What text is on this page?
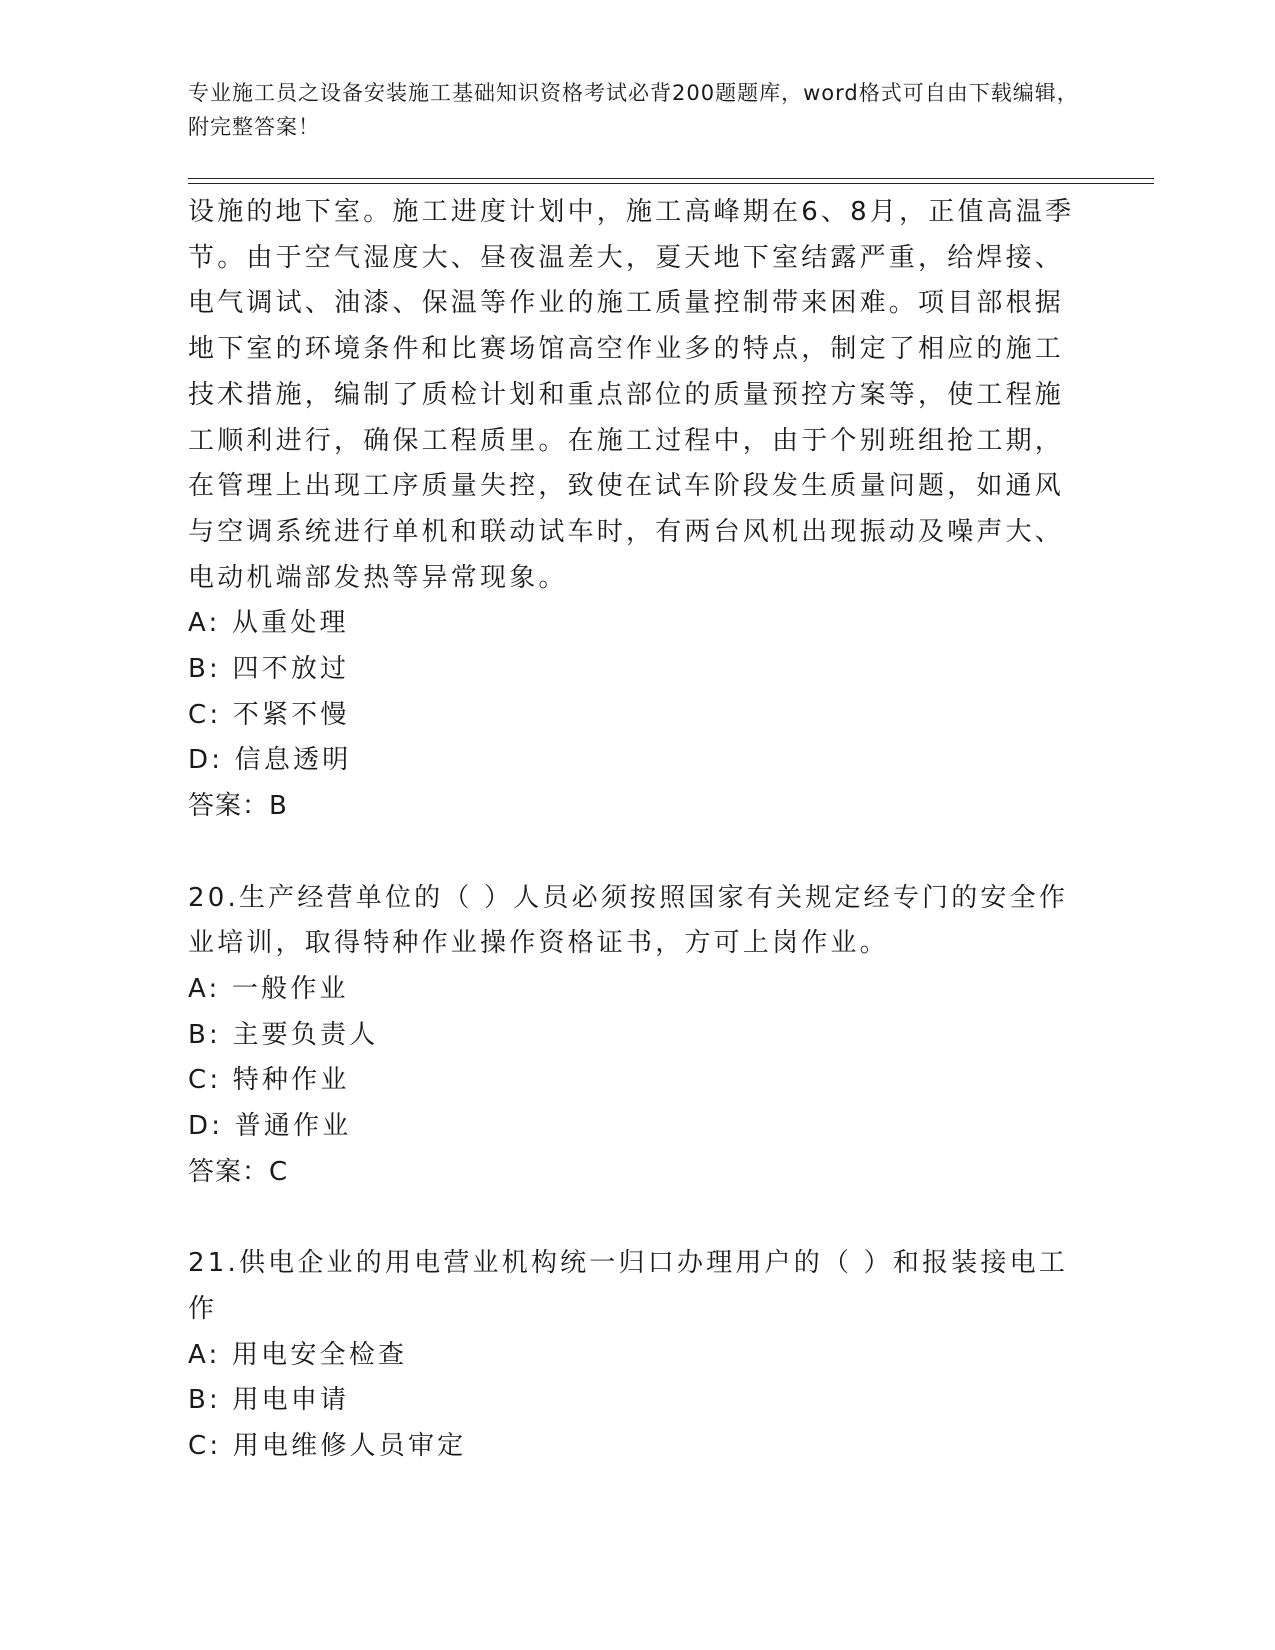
专业施工员之设备安装施工基础知识资格考试必背200题题库，word格式可自由下载编辑，附完整答案！

设施的地下室。施工进度计划中，施工高峰期在6、8月，正值高温季节。由于空气湿度大、昼夜温差大，夏天地下室结露严重，给焊接、电气调试、油漆、保温等作业的施工质量控制带来困难。项目部根据地下室的环境条件和比赛场馆高空作业多的特点，制定了相应的施工技术措施，编制了质检计划和重点部位的质量预控方案等，使工程施工顺利进行，确保工程质里。在施工过程中，由于个别班组抢工期，在管理上出现工序质量失控，致使在试车阶段发生质量问题，如通风与空调系统进行单机和联动试车时，有两台风机出现振动及噪声大、电动机端部发热等异常现象。

A: 从重处理

B: 四不放过

C: 不紧不慢

D: 信息透明

答案：B

20.生产经营单位的（ ）人员必须按照国家有关规定经专门的安全作业培训，取得特种作业操作资格证书，方可上岗作业。

A: 一般作业

B: 主要负责人

C: 特种作业

D: 普通作业

答案：C

21.供电企业的用电营业机构统一归口办理用户的（ ）和报装接电工作

A: 用电安全检查

B: 用电申请

C: 用电维修人员审定
